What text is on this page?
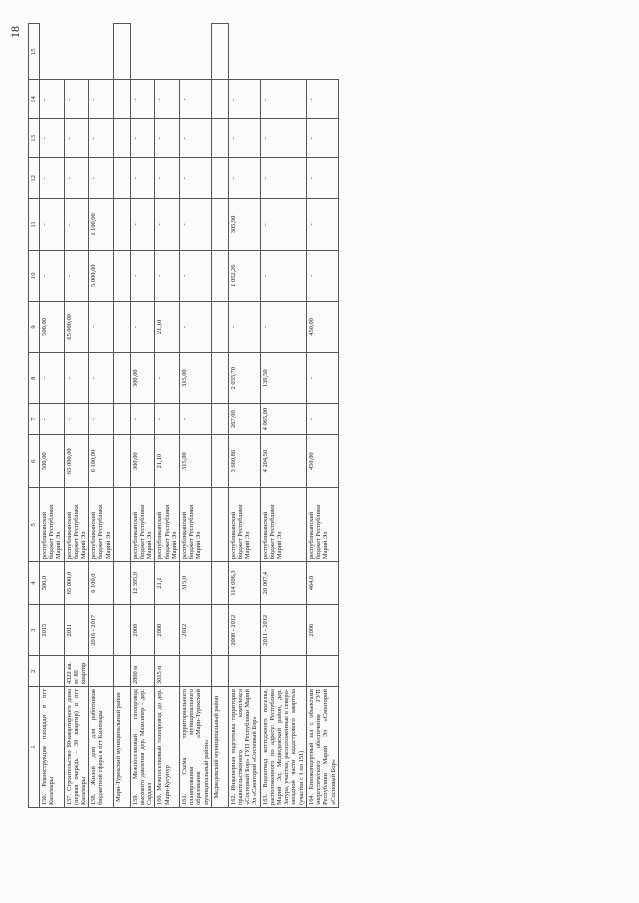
18
1	2	3	4	5	6	7	8	9	10	11	12	13	14	15
156. Реконструкция площади в пгт Килемары		2015	500,0	республиканский бюджет Республики Марий Эл	500,00	-	-	500,00	-	-	-	-	-	
157. Строительство 80-квартирного дома (первая очередь - 39 квартир) в пгт Килемары	4322 кв. м/ 80 квартир	2011	65 000,0	республиканский бюджет Республики Марий Эл	65 000,00	-	-	65 000,00	-	-	-	-	-	
158. Жилой дом для работников бюджетной сферы в пгт Килемары		2016 - 2017	6 100,0	республиканский бюджет Республики Марий Эл	6 100,00	-	-	-	5 000,00	1 100,00	-	-	-	
Мари-Турекский муниципальный район														
159. Межпоселковый газопровод высокого давления дер. Мамсинер - дер. Сардаял	2800 м	2009	12 395,9	республиканский бюджет Республики Марий Эл	300,00	-	300,00	-	-	-	-	-	-	
160. Межпоселковый газопровод до дер. Мари-Кугунур	3015 м	2008	21,1	республиканский бюджет Республики Марий Эл	21,10	-	-	21,10	-	-	-	-	-	
161. Схема территориального планирования муниципального образования «Мари-Турекский муниципальный район»		2012	315,0	республиканский бюджет Республики Марий Эл	315,00	-	315,00	-	-	-	-	-	-	
Медведевский муниципальный район														
162. Инженерная подготовка территории правительственного комплекса «Сосновый Бор» ГУП Республики Марий Эл «Санаторий «Сосновый Бор»		2008 - 2012	114 606,3	республиканский бюджет Республики Марий Эл	3 660,86	267,00	2 035,70	-	1 052,26	305,90	-	-	-	
163. Водоотвод коттеджного поселка, расположенного по адресу: Республика Марий Эл, Медведевский район, дер. Затура, участки, расположенные в северо-западной части кадастрового квартала (участки с 1 по 151)		2011 - 2012	20 007,4	республиканский бюджет Республики Марий Эл	4 204,50	4 065,00	139,50	-	-	-	-	-	-	
164. Киноконцертный зал с объектами энергетического обеспечения ГУП Республики Марий Эл «Санаторий «Сосновый Бор»		2006	464,0	республиканский бюджет Республики Марий Эл	450,00	-	-	450,00	-	-	-	-	-	
